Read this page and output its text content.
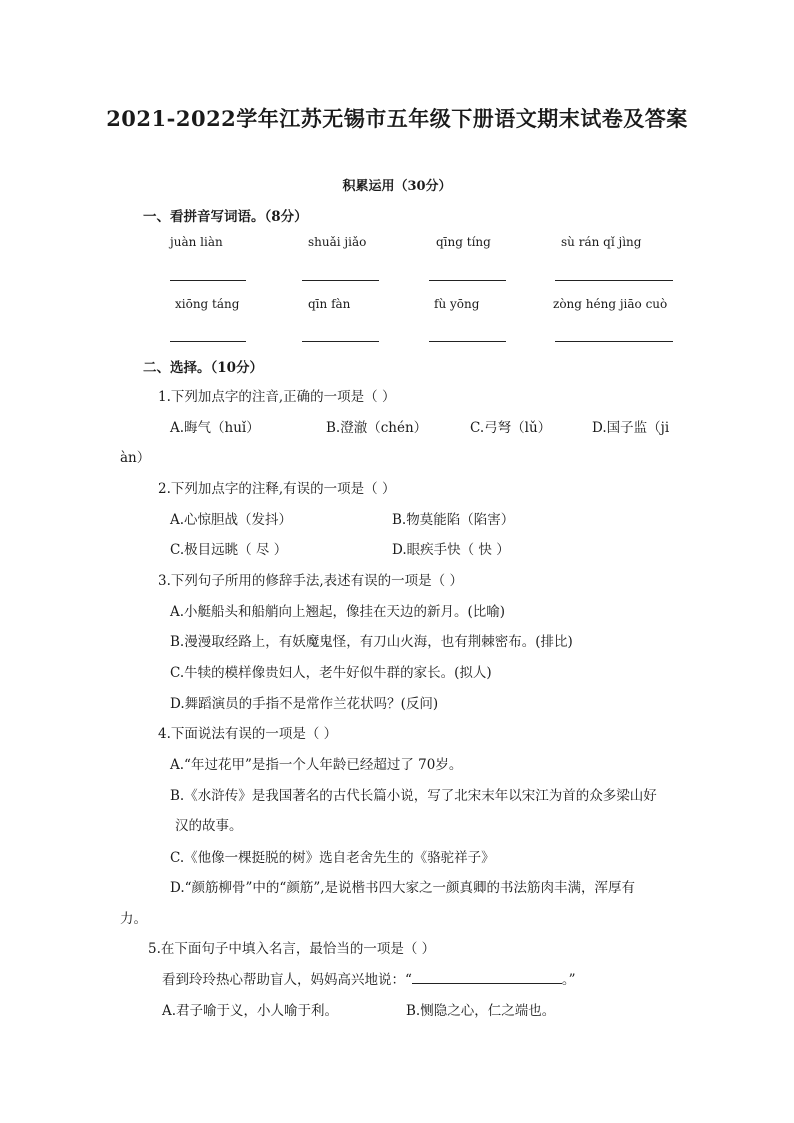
2021-2022学年江苏无锡市五年级下册语文期末试卷及答案
积累运用（30分）
一、看拼音写词语。（8分）
juàn liàn	shuǎi jiǎo	qīng tíng	sù rán qǐ jìng
xiōng táng	qīn fàn	fù yōng	zòng héng jiāo cuò
二、选择。（10分）
1.下列加点字的注音,正确的一项是（ ）
A.晦气（huǐ）	B.澄澈（chén）	C.弓弩（lǔ）	D.国子监（ji
àn）
2.下列加点字的注释,有误的一项是（ ）
A.心惊胆战（发抖）	B.物莫能陷（陷害）
C.极目远眺（ 尽 ）	D.眼疾手快（ 快 ）
3.下列句子所用的修辞手法,表述有误的一项是（ ）
A.小艇船头和船艄向上翘起，像挂在天边的新月。(比喻)
B.漫漫取经路上，有妖魔鬼怪，有刀山火海，也有荆棘密布。(排比)
C.牛犊的模样像贵妇人，老牛好似牛群的家长。(拟人)
D.舞蹈演员的手指不是常作兰花状吗？(反问)
4.下面说法有误的一项是（ ）
A.“年过花甲”是指一个人年龄已经超过了 70岁。
B.《水浒传》是我国著名的古代长篇小说，写了北宋末年以宋江为首的众多梁山好
汉的故事。
C.《他像一棵挺脱的树》选自老舍先生的《骆驼祥子》
D.“颜筋柳骨”中的“颜筋”,是说楷书四大家之一颜真卿的书法筋肉丰满，浑厚有
力。
5.在下面句子中填入名言，最恰当的一项是（ ）
看到玲玲热心帮助盲人，妈妈高兴地说：“	。”
A.君子喻于义，小人喻于利。	B.恻隐之心，仁之端也。
